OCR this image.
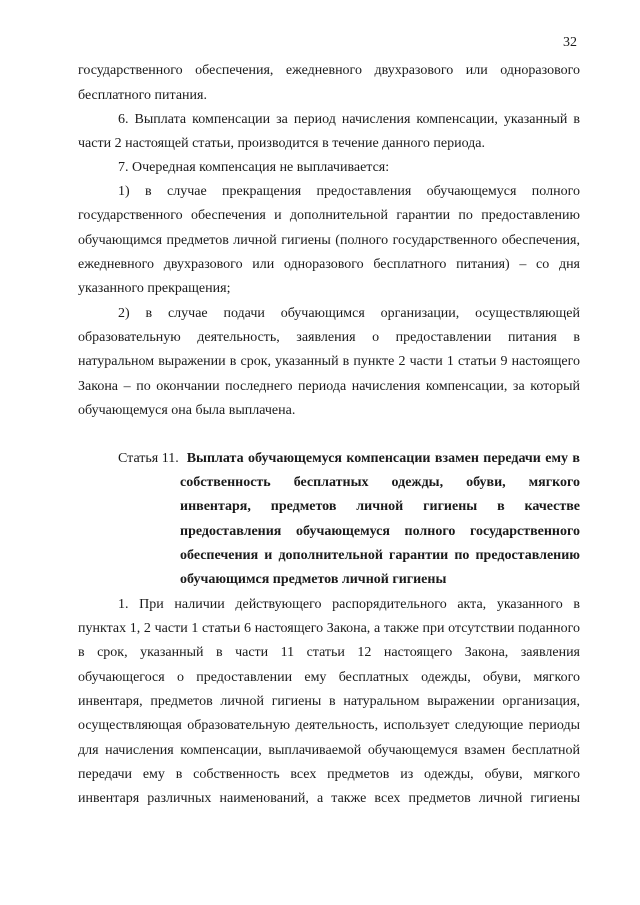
32
государственного обеспечения, ежедневного двухразового или одноразового
бесплатного питания.
6. Выплата компенсации за период начисления компенсации, указанный в
части 2 настоящей статьи, производится в течение данного периода.
7. Очередная компенсация не выплачивается:
1) в случае прекращения предоставления обучающемуся полного
государственного обеспечения и дополнительной гарантии по предоставлению
обучающимся предметов личной гигиены (полного государственного обеспечения,
ежедневного двухразового или одноразового бесплатного питания) – со дня
указанного прекращения;
2) в случае подачи обучающимся организации, осуществляющей
образовательную деятельность, заявления о предоставлении питания в
натуральном выражении в срок, указанный в пункте 2 части 1 статьи 9 настоящего
Закона – по окончании последнего периода начисления компенсации, за который
обучающемуся она была выплачена.
Статья 11. Выплата обучающемуся компенсации взамен передачи ему в
собственность бесплатных одежды, обуви, мягкого
инвентаря, предметов личной гигиены в качестве
предоставления обучающемуся полного государственного
обеспечения и дополнительной гарантии по предоставлению
обучающимся предметов личной гигиены
1. При наличии действующего распорядительного акта, указанного в
пунктах 1, 2 части 1 статьи 6 настоящего Закона, а также при отсутствии поданного
в срок, указанный в части 11 статьи 12 настоящего Закона, заявления
обучающегося о предоставлении ему бесплатных одежды, обуви, мягкого
инвентаря, предметов личной гигиены в натуральном выражении организация,
осуществляющая образовательную деятельность, использует следующие периоды
для начисления компенсации, выплачиваемой обучающемуся взамен бесплатной
передачи ему в собственность всех предметов из одежды, обуви, мягкого
инвентаря различных наименований, а также всех предметов личной гигиены
